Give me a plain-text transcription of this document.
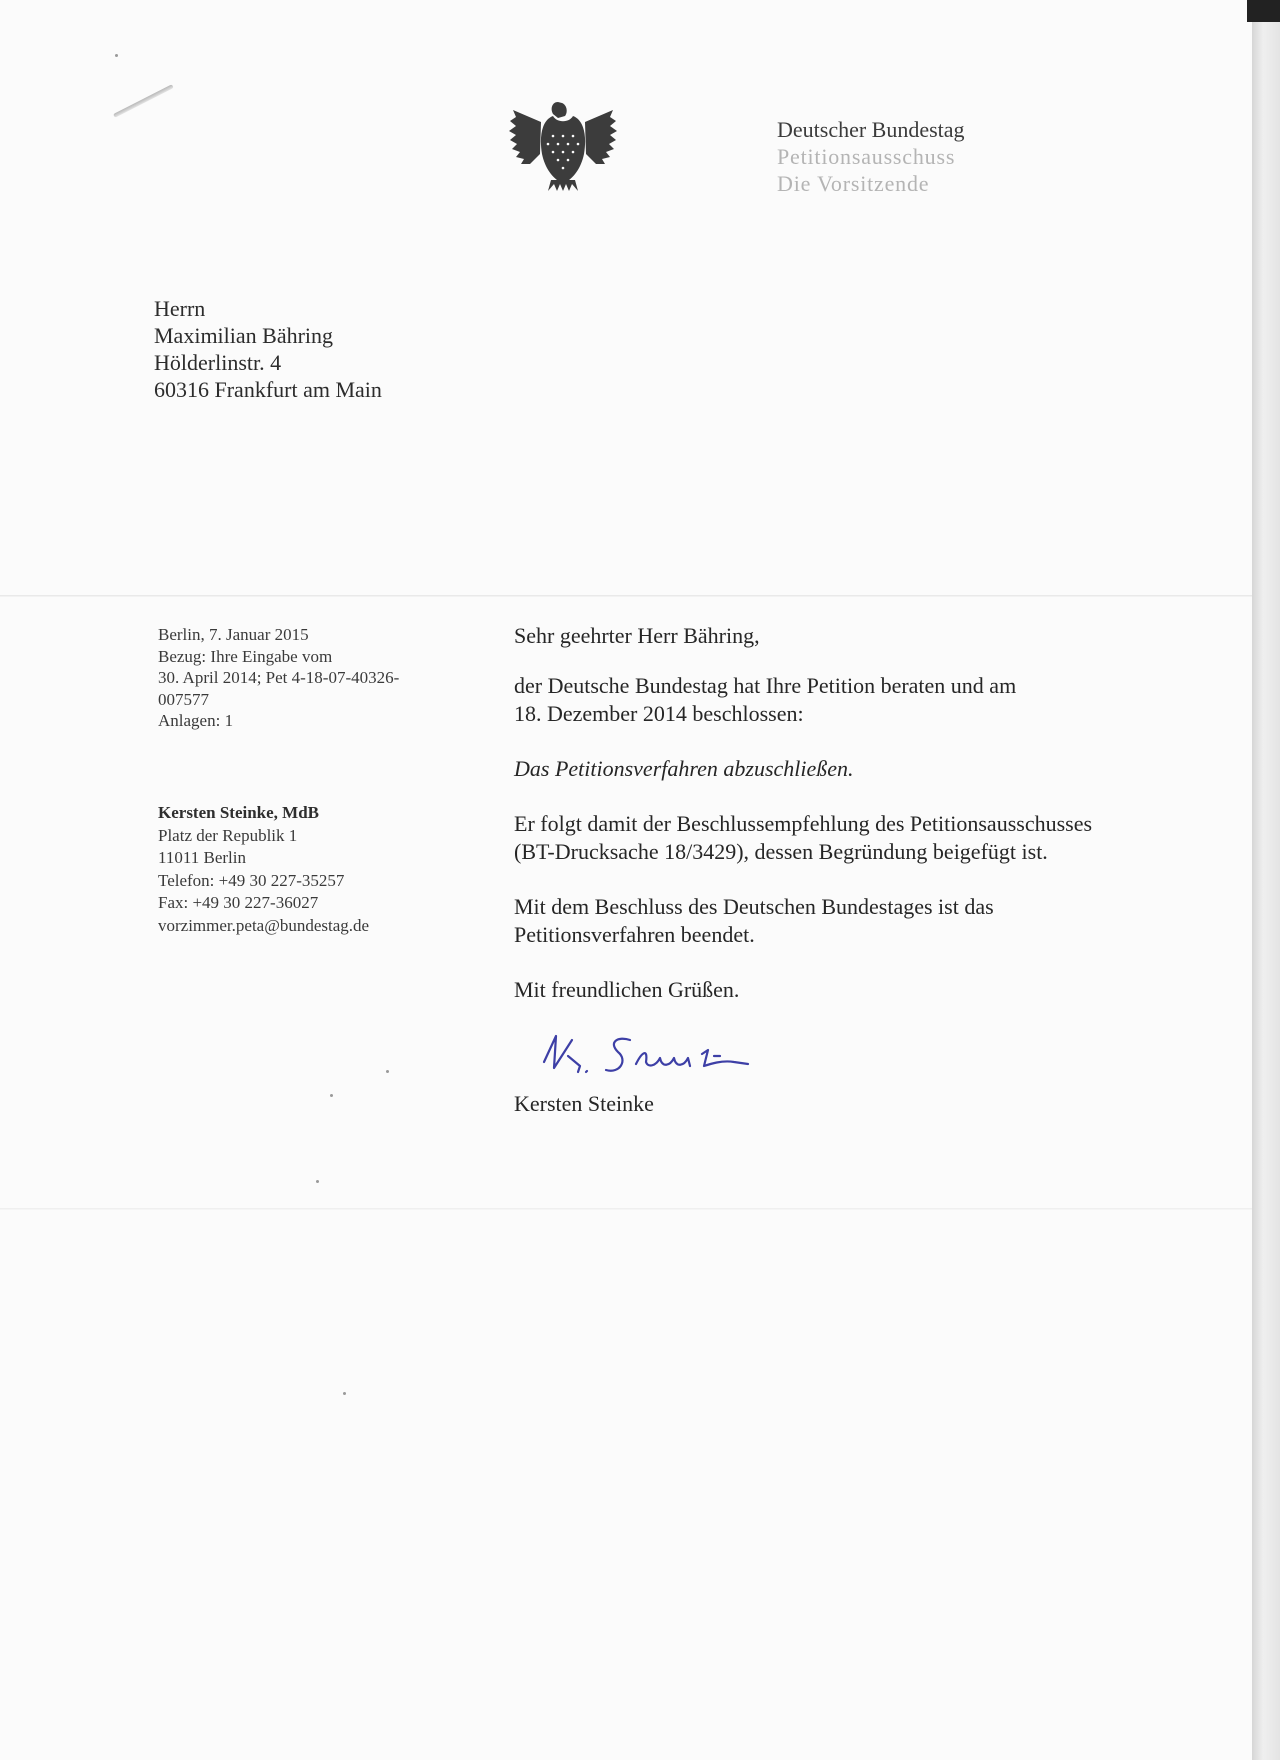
Deutscher Bundestag
Petitionsausschuss
Die Vorsitzende
Herrn
Maximilian Bähring
Hölderlinstr. 4
60316 Frankfurt am Main
Berlin, 7. Januar 2015
Bezug: Ihre Eingabe vom
30. April 2014; Pet 4-18-07-40326-
007577
Anlagen: 1
Kersten Steinke, MdB
Platz der Republik 1
11011 Berlin
Telefon: +49 30 227-35257
Fax: +49 30 227-36027
vorzimmer.peta@bundestag.de

Sehr geehrter Herr Bähring,

der Deutsche Bundestag hat Ihre Petition beraten und am

18. Dezember 2014 beschlossen:

Das Petitionsverfahren abzuschließen.

Er folgt damit der Beschlussempfehlung des Petitionsausschusses

(BT-Drucksache 18/3429), dessen Begründung beigefügt ist.

Mit dem Beschluss des Deutschen Bundestages ist das

Petitionsverfahren beendet.

Mit freundlichen Grüßen.

Kersten Steinke
